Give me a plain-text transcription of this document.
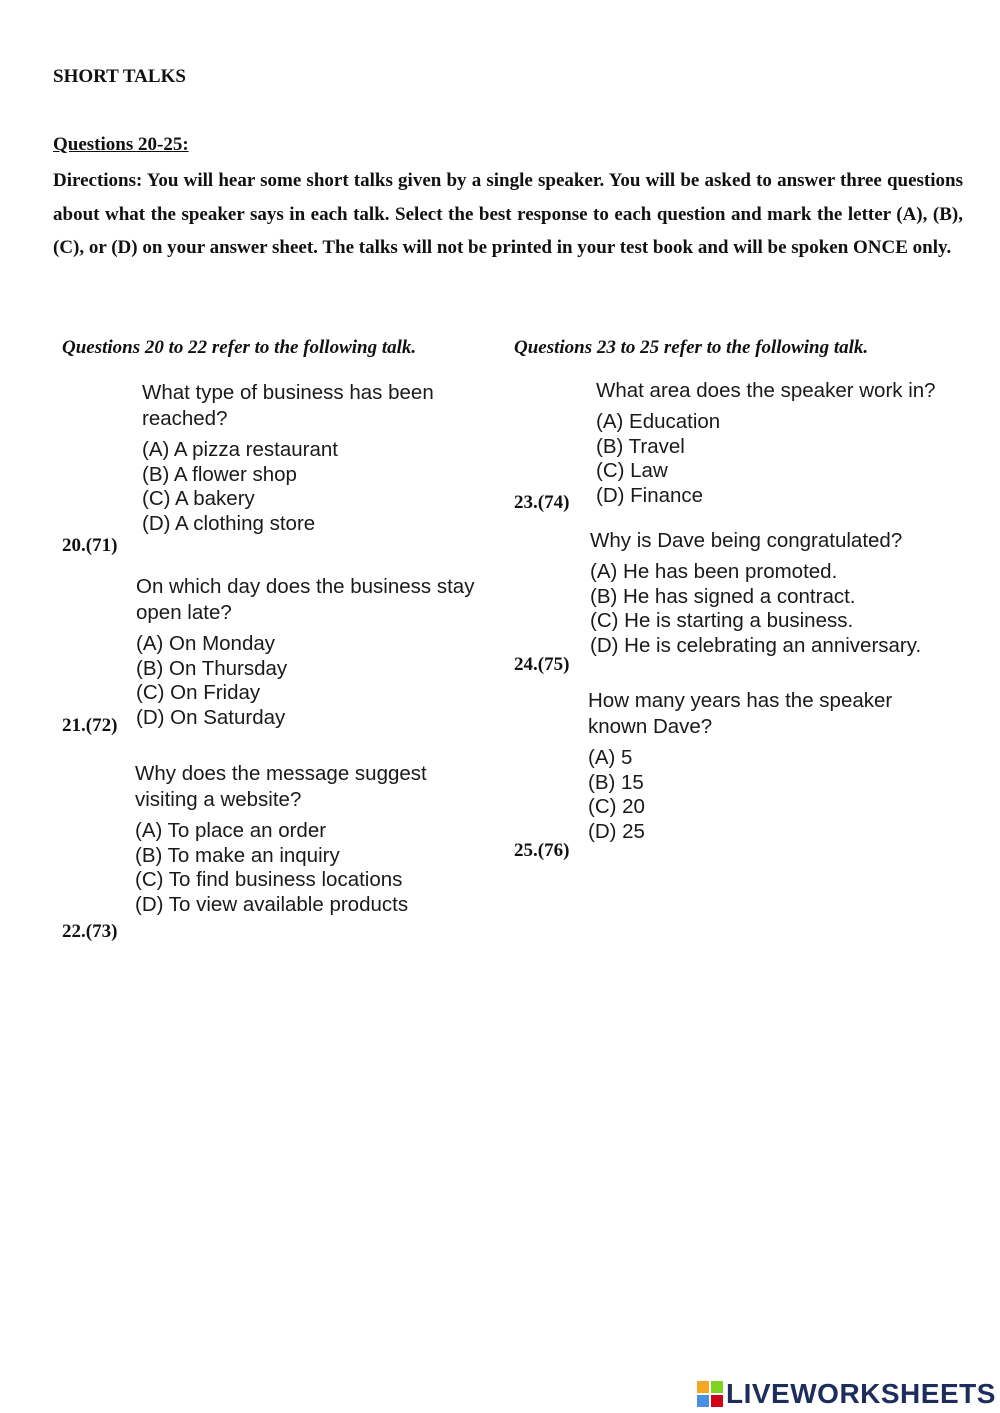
SHORT TALKS
Questions 20-25:
Directions: You will hear some short talks given by a single speaker. You will be asked to answer three questions about what the speaker says in each talk. Select the best response to each question and mark the letter (A), (B), (C), or (D) on your answer sheet. The talks will not be printed in your test book and will be spoken ONCE only.
Questions 20 to 22 refer to the following talk.	Questions 23 to 25 refer to the following talk.
What type of business has been reached?
(A) A pizza restaurant
(B) A flower shop
(C) A bakery
(D) A clothing store
20.(71)
On which day does the business stay open late?
(A) On Monday
(B) On Thursday
(C) On Friday
(D) On Saturday
21.(72)
Why does the message suggest visiting a website?
(A) To place an order
(B) To make an inquiry
(C) To find business locations
(D) To view available products
22.(73)
What area does the speaker work in?
(A) Education
(B) Travel
(C) Law
(D) Finance
23.(74)
Why is Dave being congratulated?
(A) He has been promoted.
(B) He has signed a contract.
(C) He is starting a business.
(D) He is celebrating an anniversary.
24.(75)
How many years has the speaker known Dave?
(A) 5
(B) 15
(C) 20
(D) 25
25.(76)
LIVEWORKSHEETS
